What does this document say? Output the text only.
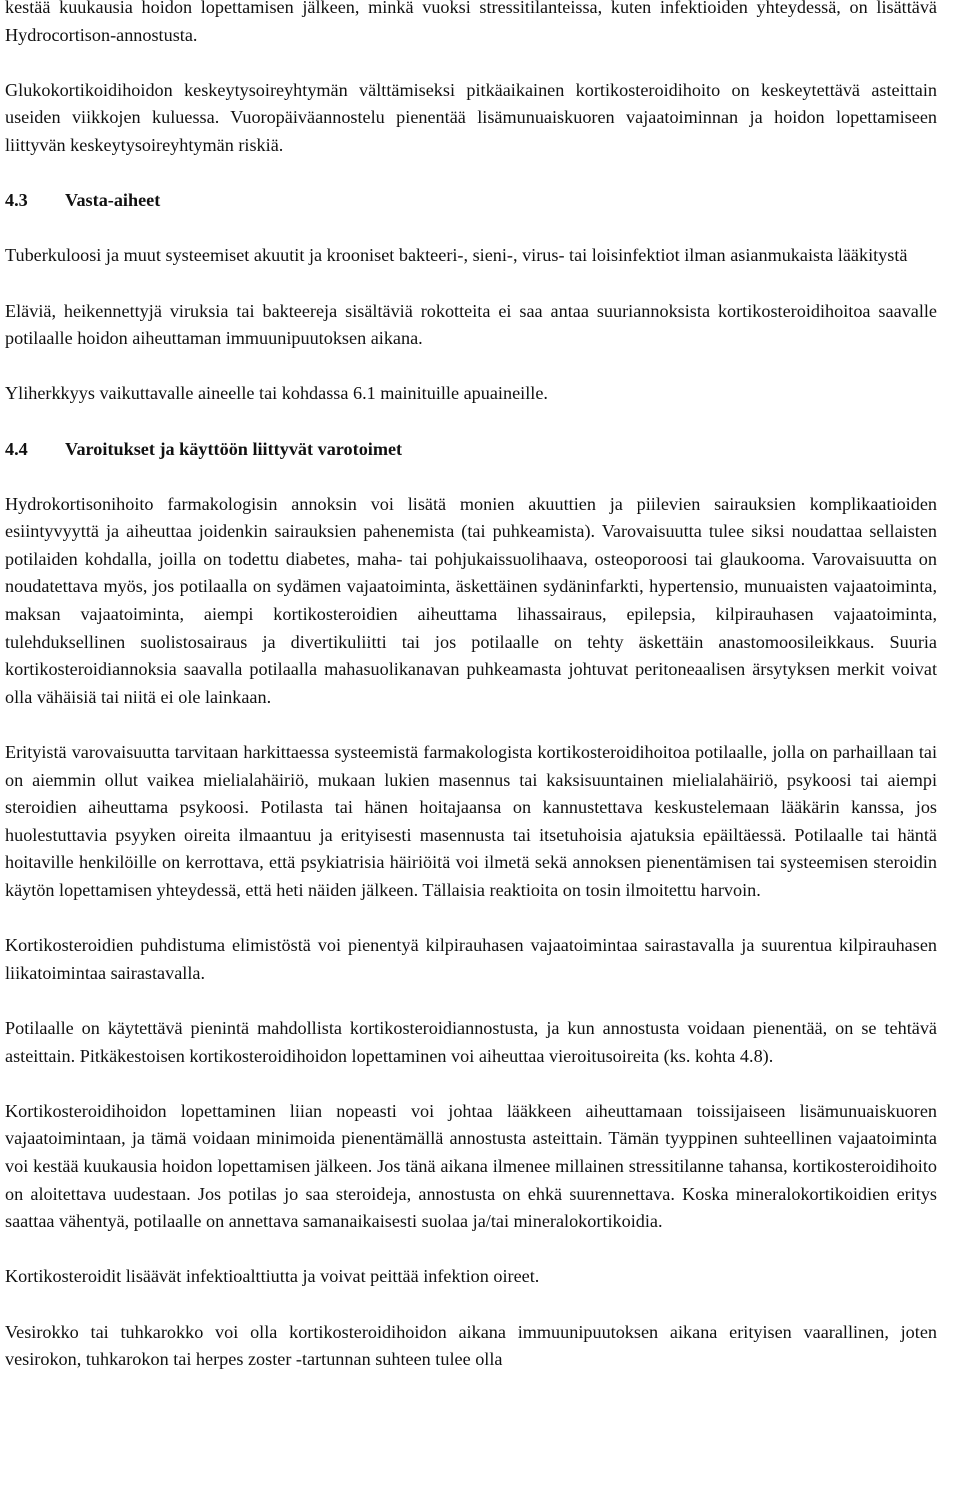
kestää kuukausia hoidon lopettamisen jälkeen, minkä vuoksi stressitilanteissa, kuten infektioiden yhteydessä, on lisättävä Hydrocortison-annostusta.

Glukokortikoidihoidon keskeytysoireyhtymän välttämiseksi pitkäaikainen kortikosteroidihoito on keskeytettävä asteittain useiden viikkojen kuluessa. Vuoropäiväannostelu pienentää lisämunuaiskuoren vajaatoiminnan ja hoidon lopettamiseen liittyvän keskeytysoireyhtymän riskiä.

4.3	Vasta-aiheet

Tuberkuloosi ja muut systeemiset akuutit ja krooniset bakteeri-, sieni-, virus- tai loisinfektiot ilman asianmukaista lääkitystä

Eläviä, heikennettyjä viruksia tai bakteereja sisältäviä rokotteita ei saa antaa suuriannoksista kortikosteroidihoitoa saavalle potilaalle hoidon aiheuttaman immuunipuutoksen aikana.

Yliherkkyys vaikuttavalle aineelle tai kohdassa 6.1 mainituille apuaineille.

4.4	Varoitukset ja käyttöön liittyvät varotoimet

Hydrokortisonihoito farmakologisin annoksin voi lisätä monien akuuttien ja piilevien sairauksien komplikaatioiden esiintyvyyttä ja aiheuttaa joidenkin sairauksien pahenemista (tai puhkeamista). Varovaisuutta tulee siksi noudattaa sellaisten potilaiden kohdalla, joilla on todettu diabetes, maha- tai pohjukaissuolihaava, osteoporoosi tai glaukooma. Varovaisuutta on noudatettava myös, jos potilaalla on sydämen vajaatoiminta, äskettäinen sydäninfarkti, hypertensio, munuaisten vajaatoiminta, maksan vajaatoiminta, aiempi kortikosteroidien aiheuttama lihassairaus, epilepsia, kilpirauhasen vajaatoiminta, tulehduksellinen suolistosairaus ja divertikuliitti tai jos potilaalle on tehty äskettäin anastomoosileikkaus. Suuria kortikosteroidiannoksia saavalla potilaalla mahasuolikanavan puhkeamasta johtuvat peritoneaalisen ärsytyksen merkit voivat olla vähäisiä tai niitä ei ole lainkaan.

Erityistä varovaisuutta tarvitaan harkittaessa systeemistä farmakologista kortikosteroidihoitoa potilaalle, jolla on parhaillaan tai on aiemmin ollut vaikea mielialahäiriö, mukaan lukien masennus tai kaksisuuntainen mielialahäiriö, psykoosi tai aiempi steroidien aiheuttama psykoosi. Potilasta tai hänen hoitajaansa on kannustettava keskustelemaan lääkärin kanssa, jos huolestuttavia psyyken oireita ilmaantuu ja erityisesti masennusta tai itsetuhoisia ajatuksia epäiltäessä. Potilaalle tai häntä hoitaville henkilöille on kerrottava, että psykiatrisia häiriöitä voi ilmetä sekä annoksen pienentämisen tai systeemisen steroidin käytön lopettamisen yhteydessä, että heti näiden jälkeen. Tällaisia reaktioita on tosin ilmoitettu harvoin.

Kortikosteroidien puhdistuma elimistöstä voi pienentyä kilpirauhasen vajaatoimintaa sairastavalla ja suurentua kilpirauhasen liikatoimintaa sairastavalla.

Potilaalle on käytettävä pienintä mahdollista kortikosteroidiannostusta, ja kun annostusta voidaan pienentää, on se tehtävä asteittain. Pitkäkestoisen kortikosteroidihoidon lopettaminen voi aiheuttaa vieroitusoireita (ks. kohta 4.8).

Kortikosteroidihoidon lopettaminen liian nopeasti voi johtaa lääkkeen aiheuttamaan toissijaiseen lisämunuaiskuoren vajaatoimintaan, ja tämä voidaan minimoida pienentämällä annostusta asteittain. Tämän tyyppinen suhteellinen vajaatoiminta voi kestää kuukausia hoidon lopettamisen jälkeen. Jos tänä aikana ilmenee millainen stressitilanne tahansa, kortikosteroidihoito on aloitettava uudestaan. Jos potilas jo saa steroideja, annostusta on ehkä suurennettava. Koska mineralokortikoidien eritys saattaa vähentyä, potilaalle on annettava samanaikaisesti suolaa ja/tai mineralokortikoidia.

Kortikosteroidit lisäävät infektioalttiutta ja voivat peittää infektion oireet.

Vesirokko tai tuhkarokko voi olla kortikosteroidihoidon aikana immuunipuutoksen aikana erityisen vaarallinen, joten vesirokon, tuhkarokon tai herpes zoster -tartunnan suhteen tulee olla
